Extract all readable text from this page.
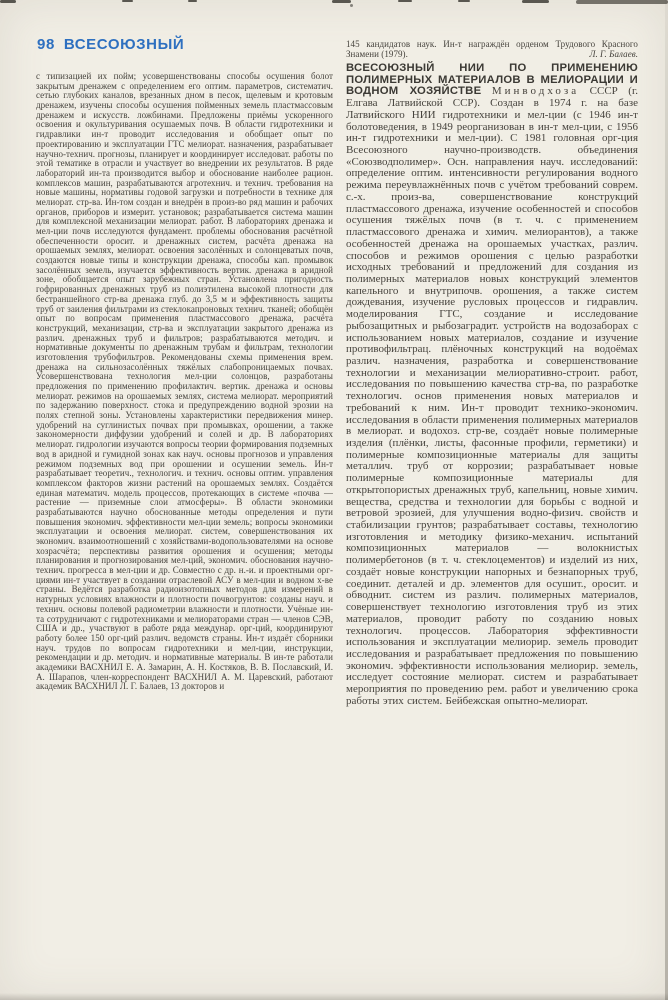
98 ВСЕСОЮЗНЫЙ

с типизацией их пойм; усовершенствованы способы осушения болот закрытым дренажем с определением его оптим. параметров, систематич. сетью глубоких каналов, врезанных дном в песок, щелевым и кротовым дренажем, изучены способы осушения пойменных земель пластмассовым дренажем и искусств. ложбинами. Предложены приёмы ускоренного освоения и окультуривания осушаемых почв. В области гидротехники и гидравлики ин-т проводит исследования и обобщает опыт по проектированию и эксплуатации ГТС мелиорат. назначения, разрабатывает научно-технич. прогнозы, планирует и координирует исследоват. работы по этой тематике в отрасли и участвует во внедрении их результатов. В ряде лабораторий ин-та производится выбор и обоснование наиболее рацион. комплексов машин, разрабатываются агротехнич. и технич. требования на новые машины, нормативы годовой загрузки и потребности в технике для мелиорат. стр-ва. Ин-том создан и внедрён в произ-во ряд машин и рабочих органов, приборов и измерит. установок; разрабатывается система машин для комплексной механизации мелиорат. работ. В лабораториях дренажа и мел-ции почв исследуются фундамент. проблемы обоснования расчётной обеспеченности оросит. и дренажных систем, расчёта дренажа на орошаемых землях, мелиорат. освоения засолённых и солонцеватых почв, создаются новые типы и конструкции дренажа, способы кап. промывок засолённых земель, изучается эффективность вертик. дренажа в аридной зоне, обобщается опыт зарубежных стран. Установлена пригодность гофрированных дренажных труб из полиэтилена высокой плотности для бестраншейного стр-ва дренажа глуб. до 3,5 м и эффективность защиты труб от заиления фильтрами из стеклокапроновых технич. тканей; обобщён опыт по вопросам применения пластмассового дренажа, расчёта конструкций, механизации, стр-ва и эксплуатации закрытого дренажа из различ. дренажных труб и фильтров; разрабатываются методич. и нормативные документы по дренажным трубам и фильтрам, технологии изготовления трубофильтров. Рекомендованы схемы применения врем. дренажа на сильнозасолённых тяжёлых слабопроницаемых почвах. Усовершенствована технология мел-ции солонцов, разработаны предложения по применению профилактич. вертик. дренажа и основы мелиорат. режимов на орошаемых землях, система мелиорат. мероприятий по задержанию поверхност. стока и предупреждению водной эрозии на полях степной зоны. Установлены характеристики передвижения минер. удобрений на суглинистых почвах при промывках, орошении, а также закономерности диффузии удобрений и солей и др. В лабораториях мелиорат. гидрологии изучаются вопросы теории формирования подземных вод в аридной и гумидной зонах как науч. основы прогнозов и управления режимом подземных вод при орошении и осушении земель. Ин-т разрабатывает теоретич., технологич. и технич. основы оптим. управления комплексом факторов жизни растений на орошаемых землях. Создаётся единая математич. модель процессов, протекающих в системе «почва — растение — приземные слои атмосферы». В области экономики разрабатываются научно обоснованные методы определения и пути повышения экономич. эффективности мел-ции земель; вопросы экономики эксплуатации и освоения мелиорат. систем, совершенствования их экономич. взаимоотношений с хозяйствами-водопользователями на основе хозрасчёта; перспективы развития орошения и осушения; методы планирования и прогнозирования мел-ций, экономич. обоснования научно-технич. прогресса в мел-ции и др. Совместно с др. н.-и. и проектными орг-циями ин-т участвует в создании отраслевой АСУ в мел-ции и водном х-ве страны. Ведётся разработка радиоизотопных методов для измерений в натурных условиях влажности и плотности почвогрунтов: созданы науч. и технич. основы полевой радиометрии влажности и плотности. Учёные ин-та сотрудничают с гидротехниками и мелиораторами стран — членов СЭВ, США и др., участвуют в работе ряда междунар. орг-ций, координируют работу более 150 орг-ций различ. ведомств страны. Ин-т издаёт сборники науч. трудов по вопросам гидротехники и мел-ции, инструкции, рекомендации и др. методич. и нормативные материалы. В ин-те работали академики ВАСХНИЛ Е. А. Замарин, А. Н. Костяков, В. В. Пославский, И. А. Шарапов, член-корреспондент ВАСХНИЛ А. М. Царевский, работают академик ВАСХНИЛ Л. Г. Балаев, 13 докторов и

145 кандидатов наук. Ин-т награждён орденом Трудового Красного Знамени (1979).	Л. Г. Балаев.

ВСЕСОЮЗНЫЙ НИИ ПО ПРИМЕНЕНИЮ ПОЛИМЕРНЫХ МАТЕРИАЛОВ В МЕЛИОРАЦИИ И ВОДНОМ ХОЗЯЙСТВЕ Минводхоза СССР (г. Елгава Латвийской ССР). Создан в 1974 г. на базе Латвийского НИИ гидротехники и мел-ции (с 1946 ин-т болотоведения, в 1949 реорганизован в ин-т мел-ции, с 1956 ин-т гидротехники и мел-ции). С 1981 головная орг-ция Всесоюзного научно-производств. объединения «Союзводполимер». Осн. направления науч. исследований: определение оптим. интенсивности регулирования водного режима переувлажнённых почв с учётом требований соврем. с.-х. произ-ва, совершенствование конструкций пластмассового дренажа, изучение особенностей и способов осушения тяжёлых почв (в т. ч. с применением пластмассового дренажа и химич. мелиорантов), а также особенностей дренажа на орошаемых участках, различ. способов и режимов орошения с целью разработки исходных требований и предложений для создания из полимерных материалов новых конструкций элементов капельного и внутрипочв. орошения, а также систем дождевания, изучение русловых процессов и гидравлич. моделирования ГТС, создание и исследование рыбозащитных и рыбозаградит. устройств на водозаборах с использованием новых материалов, создание и изучение противофильтрац. плёночных конструкций на водоёмах различ. назначения, разработка и совершенствование технологии и механизации мелиоративно-строит. работ, исследования по повышению качества стр-ва, по разработке технологич. основ применения новых материалов и требований к ним. Ин-т проводит технико-экономич. исследования в области применения полимерных материалов в мелиорат. и водохоз. стр-ве, создаёт новые полимерные изделия (плёнки, листы, фасонные профили, герметики) и полимерные композиционные материалы для защиты металлич. труб от коррозии; разрабатывает новые полимерные композиционные материалы для открытопористых дренажных труб, капельниц, новые химич. вещества, средства и технологии для борьбы с водной и ветровой эрозией, для улучшения водно-физич. свойств и стабилизации грунтов; разрабатывает составы, технологию изготовления и методику физико-механич. испытаний композиционных материалов — волокнистых полимербетонов (в т. ч. стеклоцементов) и изделий из них, создаёт новые конструкции напорных и безнапорных труб, соединит. деталей и др. элементов для осушит., оросит. и обводнит. систем из различ. полимерных материалов, совершенствует технологию изготовления труб из этих материалов, проводит работу по созданию новых технологич. процессов. Лаборатория эффективности использования и эксплуатации мелиорир. земель проводит исследования и разрабатывает предложения по повышению экономич. эффективности использования мелиорир. земель, исследует состояние мелиорат. систем и разрабатывает мероприятия по проведению рем. работ и увеличению срока работы этих систем. Бейбежская опытно-мелиорат.
